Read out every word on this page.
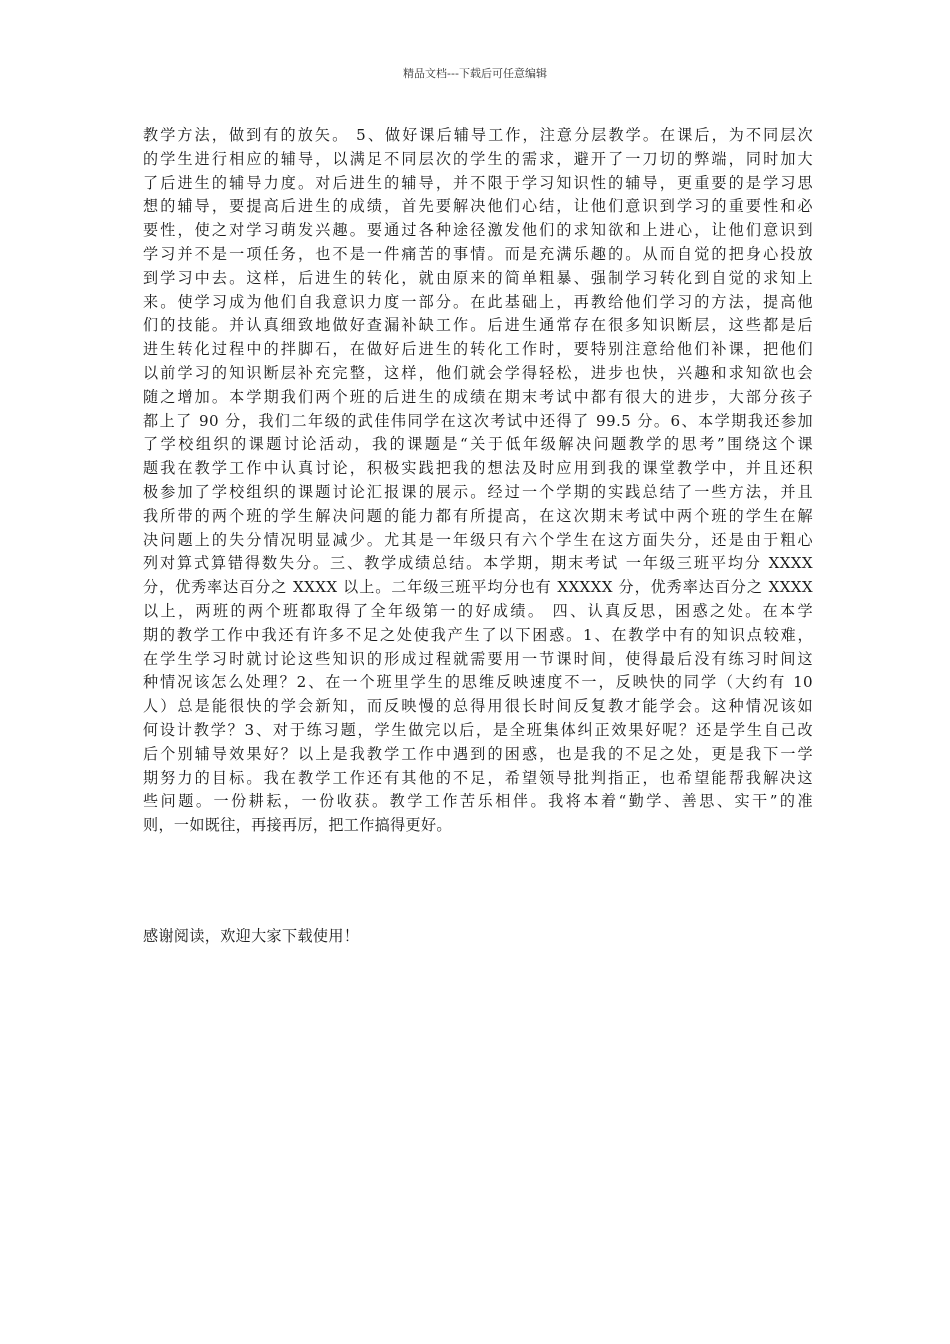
精品文档---下载后可任意编辑
教学方法，做到有的放矢。 5、做好课后辅导工作，注意分层教学。在课后，为不同层次
的学生进行相应的辅导，以满足不同层次的学生的需求，避开了一刀切的弊端，同时加大
了后进生的辅导力度。对后进生的辅导，并不限于学习知识性的辅导，更重要的是学习思
想的辅导，要提高后进生的成绩，首先要解决他们心结，让他们意识到学习的重要性和必
要性，使之对学习萌发兴趣。要通过各种途径激发他们的求知欲和上进心，让他们意识到
学习并不是一项任务，也不是一件痛苦的事情。而是充满乐趣的。从而自觉的把身心投放
到学习中去。这样，后进生的转化，就由原来的简单粗暴、强制学习转化到自觉的求知上
来。使学习成为他们自我意识力度一部分。在此基础上，再教给他们学习的方法，提高他
们的技能。并认真细致地做好查漏补缺工作。后进生通常存在很多知识断层，这些都是后
进生转化过程中的拌脚石，在做好后进生的转化工作时，要特别注意给他们补课，把他们
以前学习的知识断层补充完整，这样，他们就会学得轻松，进步也快，兴趣和求知欲也会
随之增加。本学期我们两个班的后进生的成绩在期末考试中都有很大的进步，大部分孩子
都上了 90 分，我们二年级的武佳伟同学在这次考试中还得了 99.5 分。6、本学期我还参加
了学校组织的课题讨论活动，我的课题是“关于低年级解决问题教学的思考”围绕这个课
题我在教学工作中认真讨论，积极实践把我的想法及时应用到我的课堂教学中，并且还积
极参加了学校组织的课题讨论汇报课的展示。经过一个学期的实践总结了一些方法，并且
我所带的两个班的学生解决问题的能力都有所提高，在这次期末考试中两个班的学生在解
决问题上的失分情况明显减少。尤其是一年级只有六个学生在这方面失分，还是由于粗心
列对算式算错得数失分。三、教学成绩总结。本学期，期末考试 一年级三班平均分 XXXX
分，优秀率达百分之 XXXX 以上。二年级三班平均分也有 XXXXX 分，优秀率达百分之 XXXX
以上，两班的两个班都取得了全年级第一的好成绩。 四、认真反思，困惑之处。在本学
期的教学工作中我还有许多不足之处使我产生了以下困惑。1、在教学中有的知识点较难，
在学生学习时就讨论这些知识的形成过程就需要用一节课时间，使得最后没有练习时间这
种情况该怎么处理？2、在一个班里学生的思维反映速度不一，反映快的同学（大约有 10
人）总是能很快的学会新知，而反映慢的总得用很长时间反复教才能学会。这种情况该如
何设计教学？3、对于练习题，学生做完以后，是全班集体纠正效果好呢？还是学生自己改
后个别辅导效果好？以上是我教学工作中遇到的困惑，也是我的不足之处，更是我下一学
期努力的目标。我在教学工作还有其他的不足，希望领导批判指正，也希望能帮我解决这
些问题。一份耕耘，一份收获。教学工作苦乐相伴。我将本着“勤学、善思、实干”的准
则，一如既往，再接再厉，把工作搞得更好。
感谢阅读，欢迎大家下载使用！
